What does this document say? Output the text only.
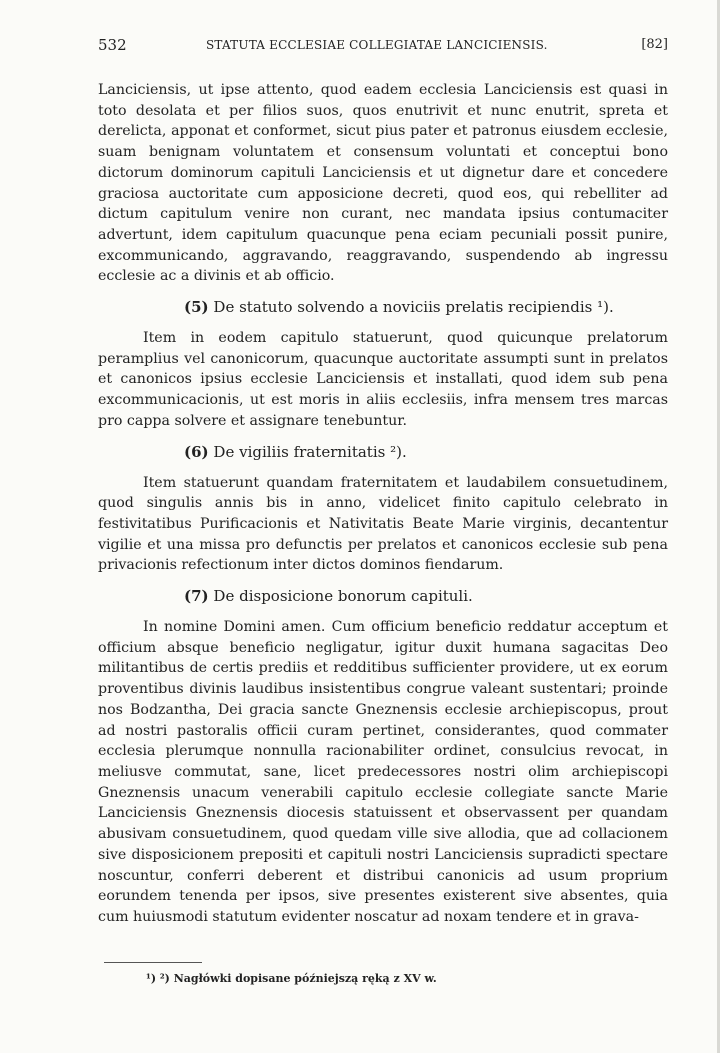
532	STATUTA ECCLESIAE COLLEGIATAE LANCICIENSIS.	[82]

Lanciciensis, ut ipse attento, quod eadem ecclesia Lanciciensis est quasi in toto desolata et per filios suos, quos enutrivit et nunc enutrit, spreta et derelicta, apponat et conformet, sicut pius pater et patronus eiusdem ecclesie, suam benignam voluntatem et consensum voluntati et conceptui bono dictorum dominorum capituli Lanciciensis et ut dignetur dare et concedere graciosa auctoritate cum apposicione decreti, quod eos, qui rebelliter ad dictum capitulum venire non curant, nec mandata ipsius contumaciter advertunt, idem capitulum quacunque pena eciam pecuniali possit punire, excommunicando, aggravando, reaggravando, suspendendo ab ingressu ecclesie ac a divinis et ab officio.

(5) De statuto solvendo a noviciis prelatis recipiendis ¹).

Item in eodem capitulo statuerunt, quod quicunque prelatorum peramplius vel canonicorum, quacunque auctoritate assumpti sunt in prelatos et canonicos ipsius ecclesie Lanciciensis et installati, quod idem sub pena excommunicacionis, ut est moris in aliis ecclesiis, infra mensem tres marcas pro cappa solvere et assignare tenebuntur.

(6) De vigiliis fraternitatis ²).

Item statuerunt quandam fraternitatem et laudabilem consuetudinem, quod singulis annis bis in anno, videlicet finito capitulo celebrato in festivitatibus Purificacionis et Nativitatis Beate Marie virginis, decantentur vigilie et una missa pro defunctis per prelatos et canonicos ecclesie sub pena privacionis refectionum inter dictos dominos fiendarum.

(7) De disposicione bonorum capituli.

In nomine Domini amen. Cum officium beneficio reddatur acceptum et officium absque beneficio negligatur, igitur duxit humana sagacitas Deo militantibus de certis prediis et redditibus sufficienter providere, ut ex eorum proventibus divinis laudibus insistentibus congrue valeant sustentari; proinde nos Bodzantha, Dei gracia sancte Gneznensis ecclesie archiepiscopus, prout ad nostri pastoralis officii curam pertinet, considerantes, quod commater ecclesia plerumque nonnulla racionabiliter ordinet, consulcius revocat, in meliusve commutat, sane, licet predecessores nostri olim archiepiscopi Gneznensis unacum venerabili capitulo ecclesie collegiate sancte Marie Lanciciensis Gneznensis diocesis statuissent et observassent per quandam abusivam consuetudinem, quod quedam ville sive allodia, que ad collacionem sive disposicionem prepositi et capituli nostri Lanciciensis supradicti spectare noscuntur, conferri deberent et distribui canonicis ad usum proprium eorundem tenenda per ipsos, sive presentes existerent sive absentes, quia cum huiusmodi statutum evidenter noscatur ad noxam tendere et in grava-

¹) ²) Nagłówki dopisane późniejszą ręką z XV w.
